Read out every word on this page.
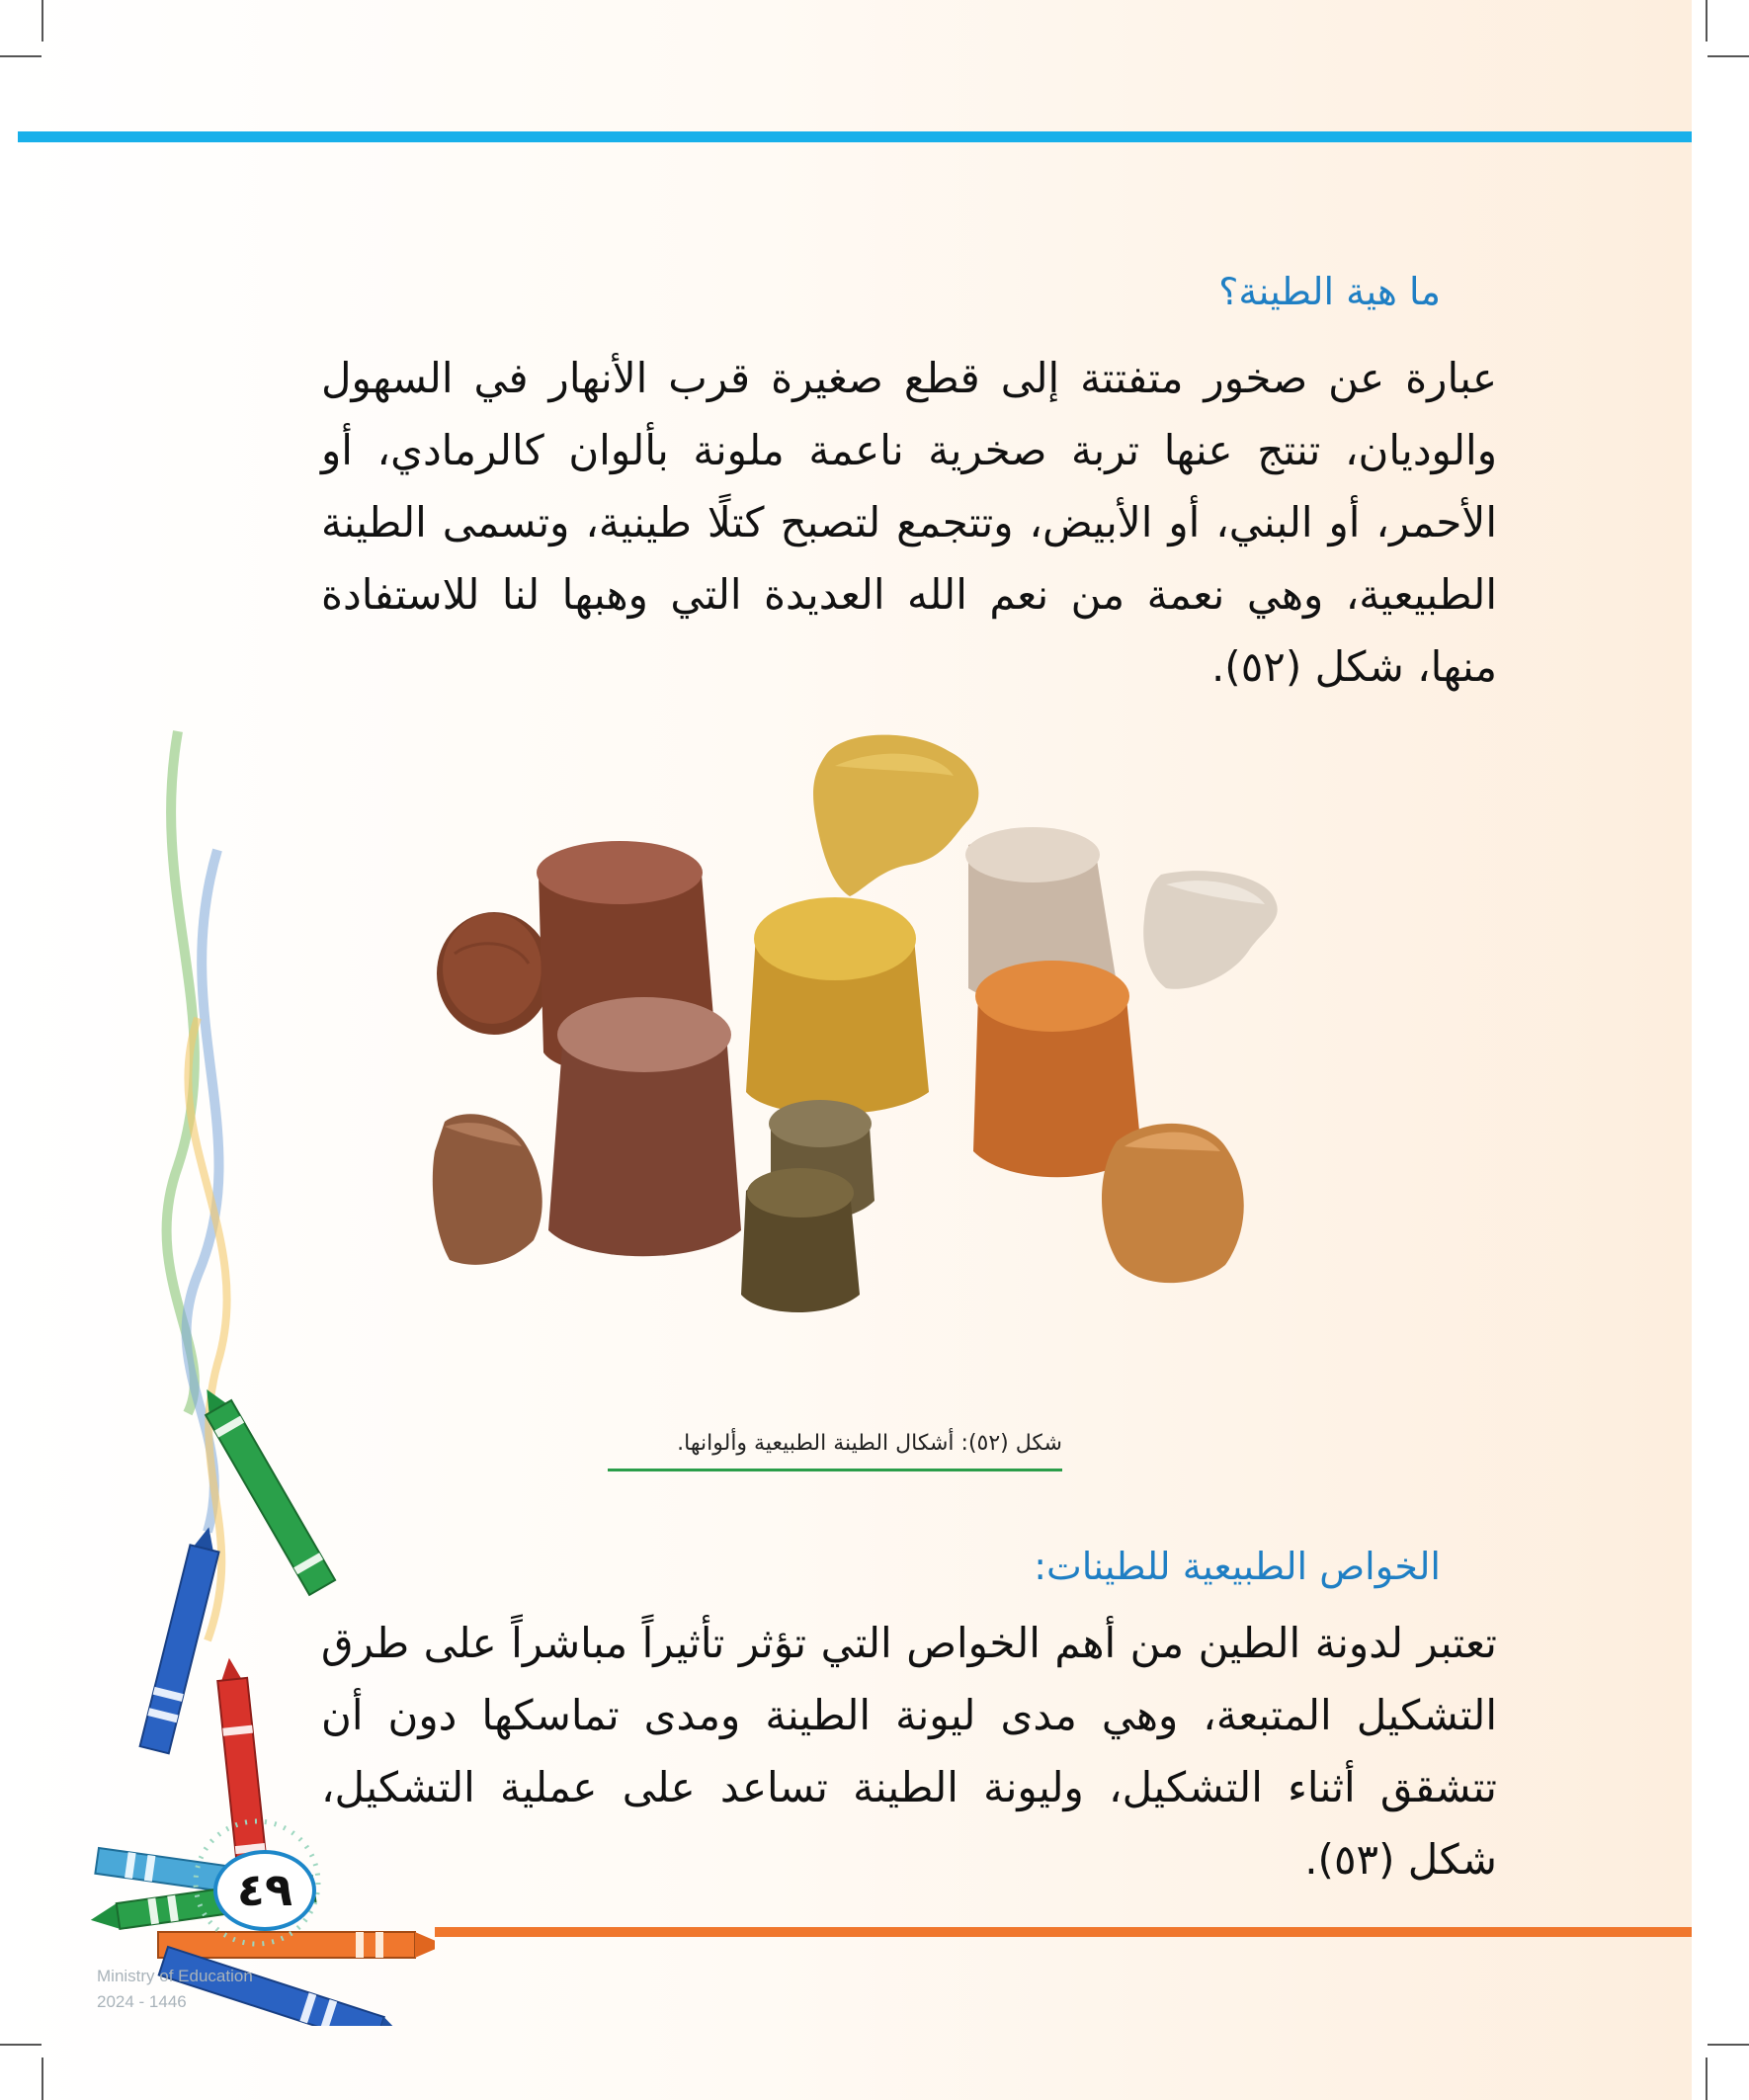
ما هية الطينة؟
عبارة عن صخور متفتتة إلى قطع صغيرة قرب الأنهار في السهول والوديان، تنتج عنها تربة صخرية ناعمة ملونة بألوان كالرمادي، أو الأحمر، أو البني، أو الأبيض، وتتجمع لتصبح كتلًا طينية، وتسمى الطينة الطبيعية، وهي نعمة من نعم الله العديدة التي وهبها لنا للاستفادة منها، شكل (٥٢).
شكل (٥٢): أشكال الطينة الطبيعية وألوانها.
الخواص الطبيعية للطينات:
تعتبر لدونة الطين من أهم الخواص التي تؤثر تأثيراً مباشراً على طرق التشكيل المتبعة، وهي مدى ليونة الطينة ومدى تماسكها دون أن تتشقق أثناء التشكيل، وليونة الطينة تساعد على عملية التشكيل، شكل (٥٣).
٤٩
Ministry of Education
2024 - 1446
